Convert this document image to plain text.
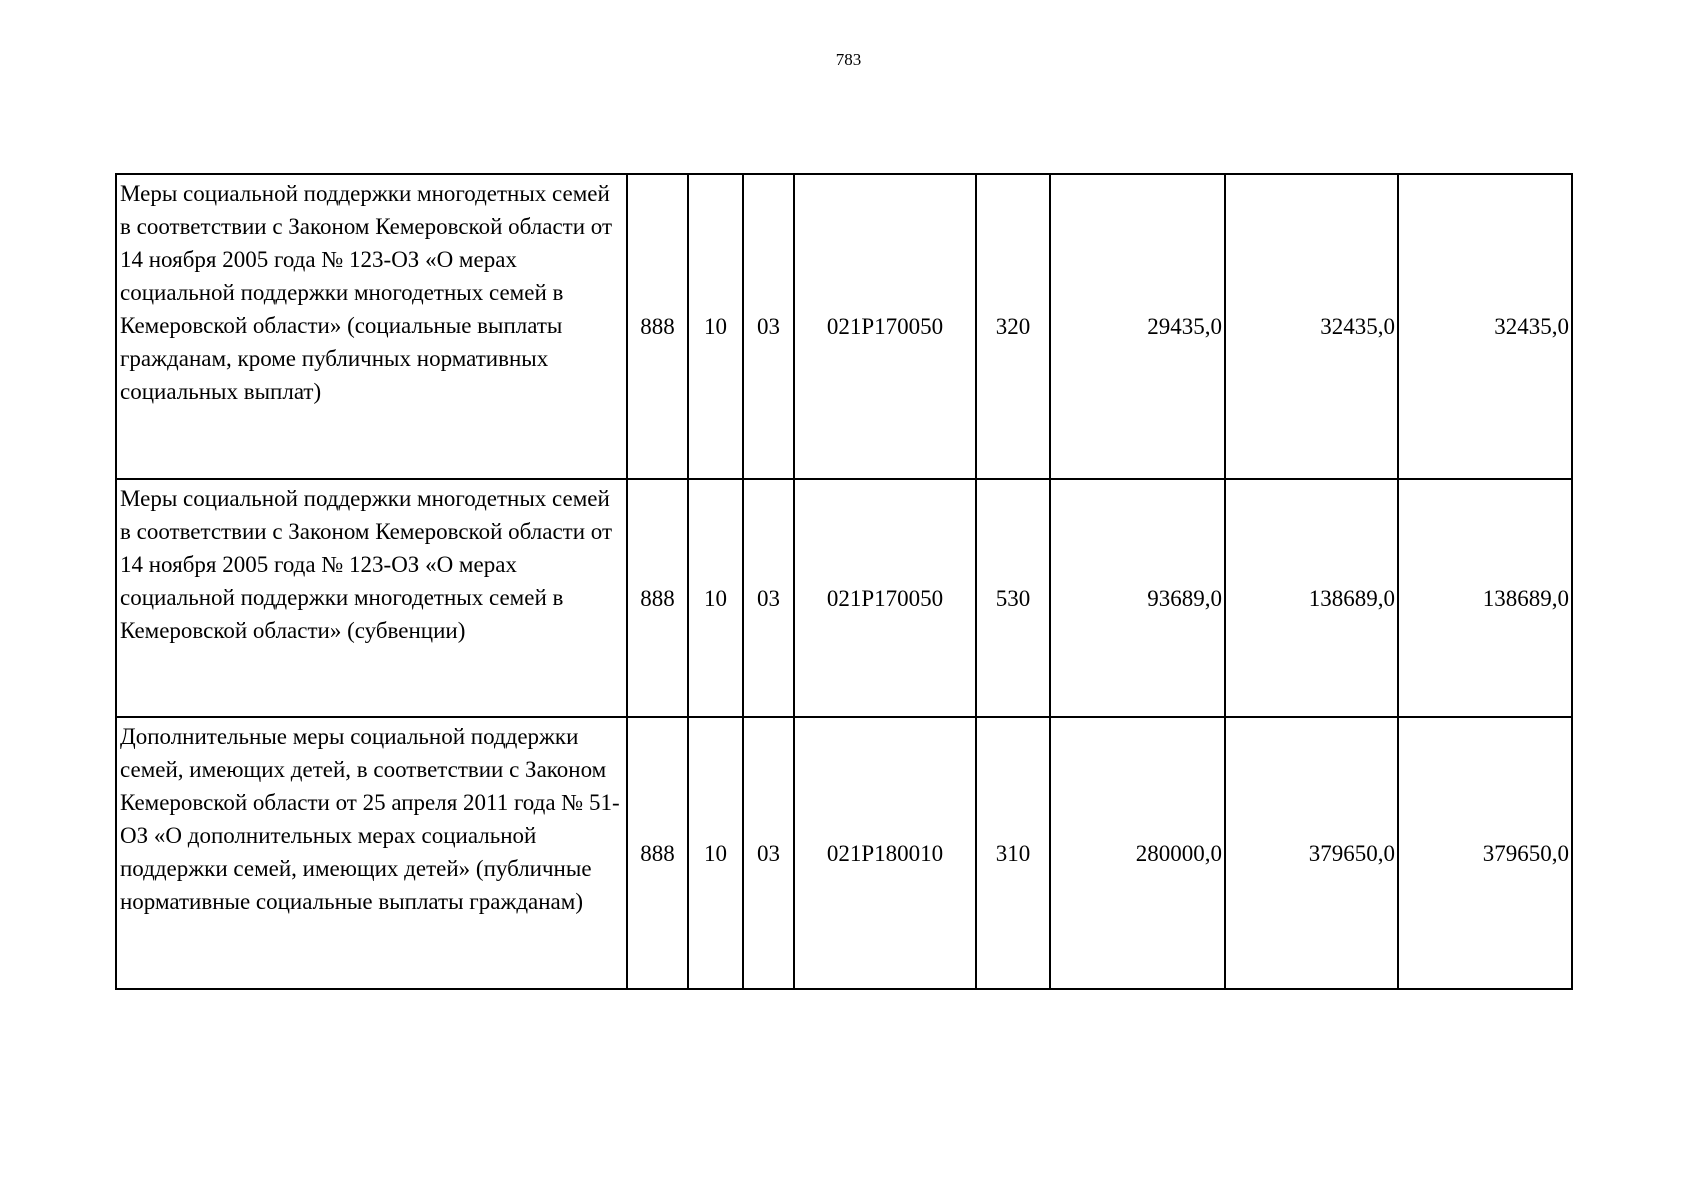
783
Меры социальной поддержки многодетных семей в соответствии с Законом Кемеровской области от 14 ноября 2005 года № 123-ОЗ «О мерах социальной поддержки многодетных семей в Кемеровской области» (социальные выплаты гражданам, кроме публичных нормативных социальных выплат)	888	10	03	021P170050	320	29435,0	32435,0	32435,0
Меры социальной поддержки многодетных семей в соответствии с Законом Кемеровской области от 14 ноября 2005 года № 123-ОЗ «О мерах социальной поддержки многодетных семей в Кемеровской области» (субвенции)	888	10	03	021P170050	530	93689,0	138689,0	138689,0
Дополнительные меры социальной поддержки семей, имеющих детей, в соответствии с Законом Кемеровской области от 25 апреля 2011 года № 51-ОЗ «О дополнительных мерах социальной поддержки семей, имеющих детей» (публичные нормативные социальные выплаты гражданам)	888	10	03	021P180010	310	280000,0	379650,0	379650,0
